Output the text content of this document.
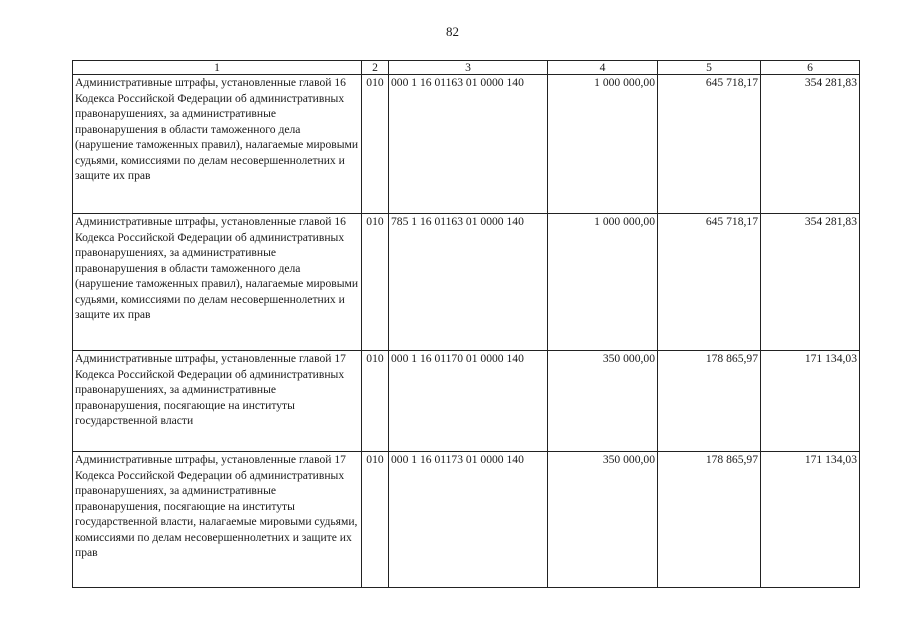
82
1	2	3	4	5	6
Административные штрафы, установленные главой 16 Кодекса Российской Федерации об административных правонарушениях, за административные правонарушения в области таможенного дела (нарушение таможенных правил), налагаемые мировыми судьями, комиссиями по делам несовершеннолетних и защите их прав	010	000 1 16 01163 01 0000 140	1 000 000,00	645 718,17	354 281,83
Административные штрафы, установленные главой 16 Кодекса Российской Федерации об административных правонарушениях, за административные правонарушения в области таможенного дела (нарушение таможенных правил), налагаемые мировыми судьями, комиссиями по делам несовершеннолетних и защите их прав	010	785 1 16 01163 01 0000 140	1 000 000,00	645 718,17	354 281,83
Административные штрафы, установленные главой 17 Кодекса Российской Федерации об административных правонарушениях, за административные правонарушения, посягающие на институты государственной власти	010	000 1 16 01170 01 0000 140	350 000,00	178 865,97	171 134,03
Административные штрафы, установленные главой 17 Кодекса Российской Федерации об административных правонарушениях, за административные правонарушения, посягающие на институты государственной власти, налагаемые мировыми судьями, комиссиями по делам несовершеннолетних и защите их прав	010	000 1 16 01173 01 0000 140	350 000,00	178 865,97	171 134,03
